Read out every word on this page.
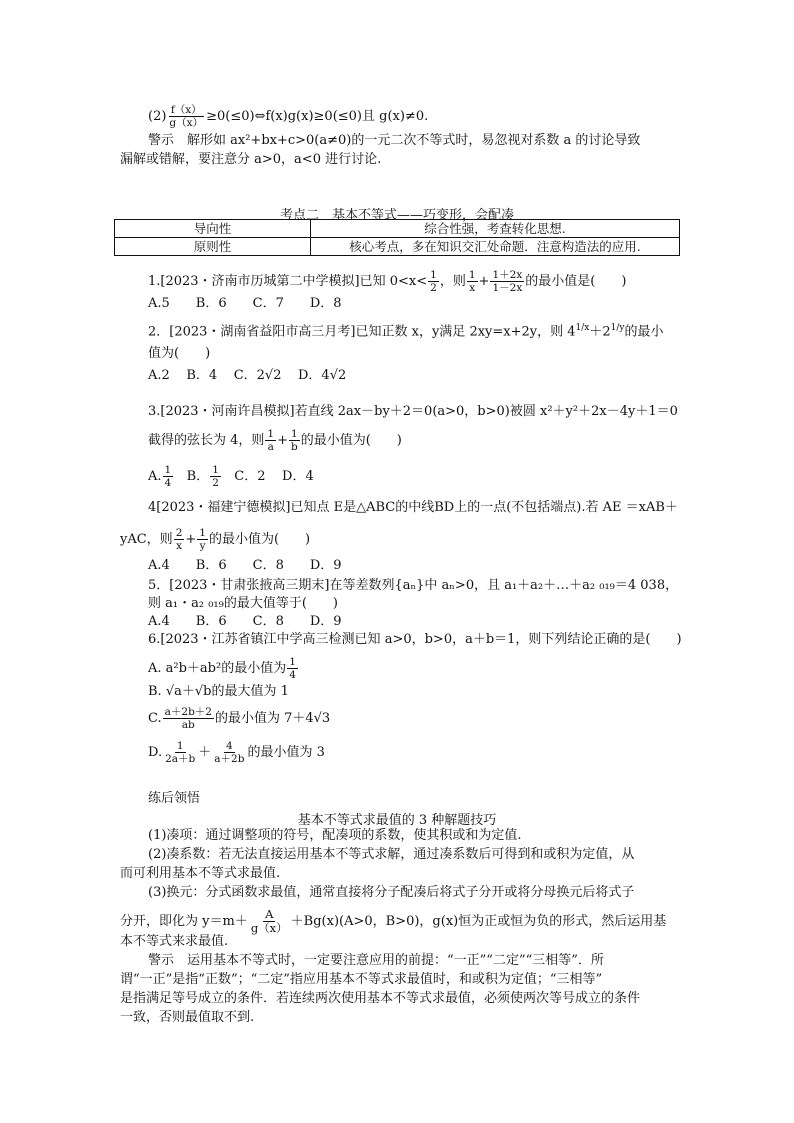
$(2) \frac{f(x)}{g(x)}$ ≥0(≤0)⇔f(x)g(x)≥0(≤0)且 g(x)≠0.
警示　解形如 ax²+bx+c>0(a≠0)的一元二次不等式时，易忽视对系数 a 的讨论导致
漏解或错解，要注意分 a>0，a<0 进行讨论.
考点二　基本不等式——巧变形，会配凑
导向性	综合性强，考查转化思想.
原则性	核心考点，多在知识交汇处命题．注意构造法的应用.
1.[2023・济南市历城第二中学模拟]已知 $0<x< \frac{1}{2}$ ，则 $\frac{1}{x} + \frac{1+2x}{1-2x}$ 的最小值是(　　)
A.5　　B．6　　C．7　　D．8
2．[2023・湖南省益阳市高三月考]已知正数 x，y满足 2xy=x+2y，则 $4^{1/x}+2^{1/y}$的最小
值为(　　)
A.2 B．4 C．2√2 D．4√2
3.[2023・河南许昌模拟]若直线 2ax－by＋2＝0(a>0，b>0)被圆 x²＋y²＋2x－4y＋1＝0
截得的弦长为 4，则 $\frac{1}{a} + \frac{1}{b}$ 的最小值为(　　)
A. $\frac{1}{4}$ B． $\frac{1}{2}$ C．2 D．4
4[2023・福建宁德模拟]已知点 E是△ABC的中线BD上的一点(不包括端点).若 AE ＝xAB＋
yAC，则 $\frac{2}{x} + \frac{1}{y}$ 的最小值为(　　)
A.4　　B．6　　C．8　　D．9
5．[2023・甘肃张掖高三期末]在等差数列{aₙ}中 aₙ>0，且 a₁＋a₂＋…＋a₂ ₀₁₉＝4 038，
则 a₁・a₂ ₀₁₉的最大值等于(　　)
A.4　　B．6　　C．8　　D．9
6.[2023・江苏省镇江中学高三检测已知 a>0，b>0，a＋b＝1，则下列结论正确的是(　　)
A. a²b＋ab²的最小值为 $\frac{1}{4}$
B. √a＋√b的最大值为 1
C. $\frac{a+2b+2}{ab}$ 的最小值为 7＋4√3
D. $\frac{1}{2a+b} + \frac{4}{a+2b}$ 的最小值为 3
练后领悟
基本不等式求最值的 3 种解题技巧
(1)凑项：通过调整项的符号，配凑项的系数，使其积或和为定值.
(2)凑系数：若无法直接运用基本不等式求解，通过凑系数后可得到和或积为定值，从
而可利用基本不等式求最值.
(3)换元：分式函数求最值，通常直接将分子配凑后将式子分开或将分母换元后将式子
分开，即化为 $y=m+ \frac{A}{g(x)} +Bg(x)(A>0$，B>0)，g(x)恒为正或恒为负的形式，然后运用基
本不等式来求最值.
警示　运用基本不等式时，一定要注意应用的前提：“一正”“二定”“三相等”．所
谓“一正”是指“正数”；“二定”指应用基本不等式求最值时，和或积为定值；“三相等”
是指满足等号成立的条件．若连续两次使用基本不等式求最值，必须使两次等号成立的条件
一致，否则最值取不到.
